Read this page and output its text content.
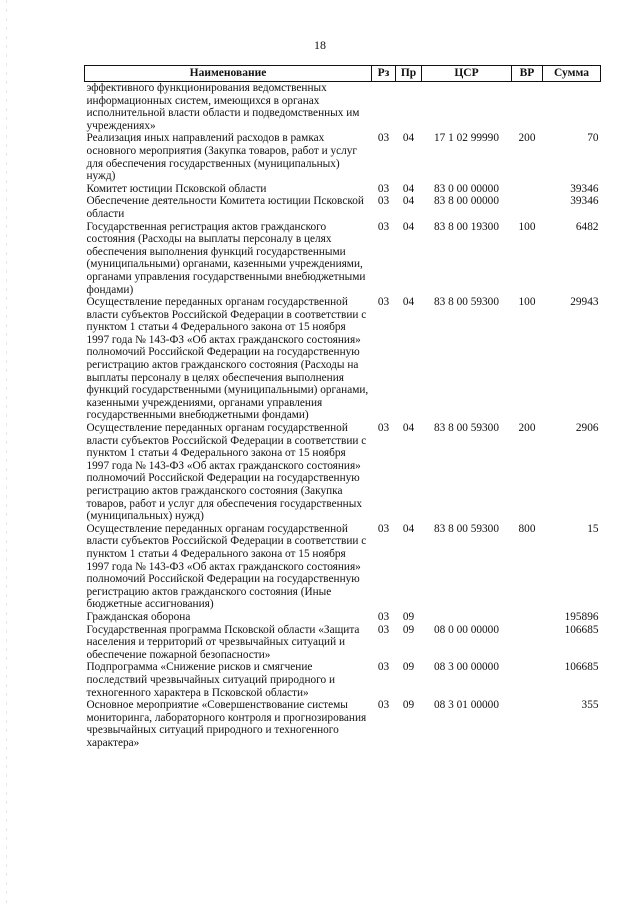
18
Наименование	Рз	Пр	ЦСР	ВР	Сумма
эффективного функционирования ведомственных информационных систем, имеющихся в органах исполнительной власти области и подведомственных им учреждениях»					
Реализация иных направлений расходов в рамках основного мероприятия (Закупка товаров, работ и услуг для обеспечения государственных (муниципальных) нужд)	03	04	17 1 02 99990	200	70
Комитет юстиции Псковской области	03	04	83 0 00 00000		39346
Обеспечение деятельности Комитета юстиции Псковской области	03	04	83 8 00 00000		39346
Государственная регистрация актов гражданского состояния (Расходы на выплаты персоналу в целях обеспечения выполнения функций государственными (муниципальными) органами, казенными учреждениями, органами управления государственными внебюджетными фондами)	03	04	83 8 00 19300	100	6482
Осуществление переданных органам государственной власти субъектов Российской Федерации в соответствии с пунктом 1 статьи 4 Федерального закона от 15 ноября 1997 года № 143-ФЗ «Об актах гражданского состояния» полномочий Российской Федерации на государственную регистрацию актов гражданского состояния (Расходы на выплаты персоналу в целях обеспечения выполнения функций государственными (муниципальными) органами, казенными учреждениями, органами управления государственными внебюджетными фондами)	03	04	83 8 00 59300	100	29943
Осуществление переданных органам государственной власти субъектов Российской Федерации в соответствии с пунктом 1 статьи 4 Федерального закона от 15 ноября 1997 года № 143-ФЗ «Об актах гражданского состояния» полномочий Российской Федерации на государственную регистрацию актов гражданского состояния (Закупка товаров, работ и услуг для обеспечения государственных (муниципальных) нужд)	03	04	83 8 00 59300	200	2906
Осуществление переданных органам государственной власти субъектов Российской Федерации в соответствии с пунктом 1 статьи 4 Федерального закона от 15 ноября 1997 года № 143-ФЗ «Об актах гражданского состояния» полномочий Российской Федерации на государственную регистрацию актов гражданского состояния (Иные бюджетные ассигнования)	03	04	83 8 00 59300	800	15
Гражданская оборона	03	09			195896
Государственная программа Псковской области «Защита населения и территорий от чрезвычайных ситуаций и обеспечение пожарной безопасности»	03	09	08 0 00 00000		106685
Подпрограмма «Снижение рисков и смягчение последствий чрезвычайных ситуаций природного и техногенного характера в Псковской области»	03	09	08 3 00 00000		106685
Основное мероприятие «Совершенствование системы мониторинга, лабораторного контроля и прогнозирования чрезвычайных ситуаций природного и техногенного характера»	03	09	08 3 01 00000		355
